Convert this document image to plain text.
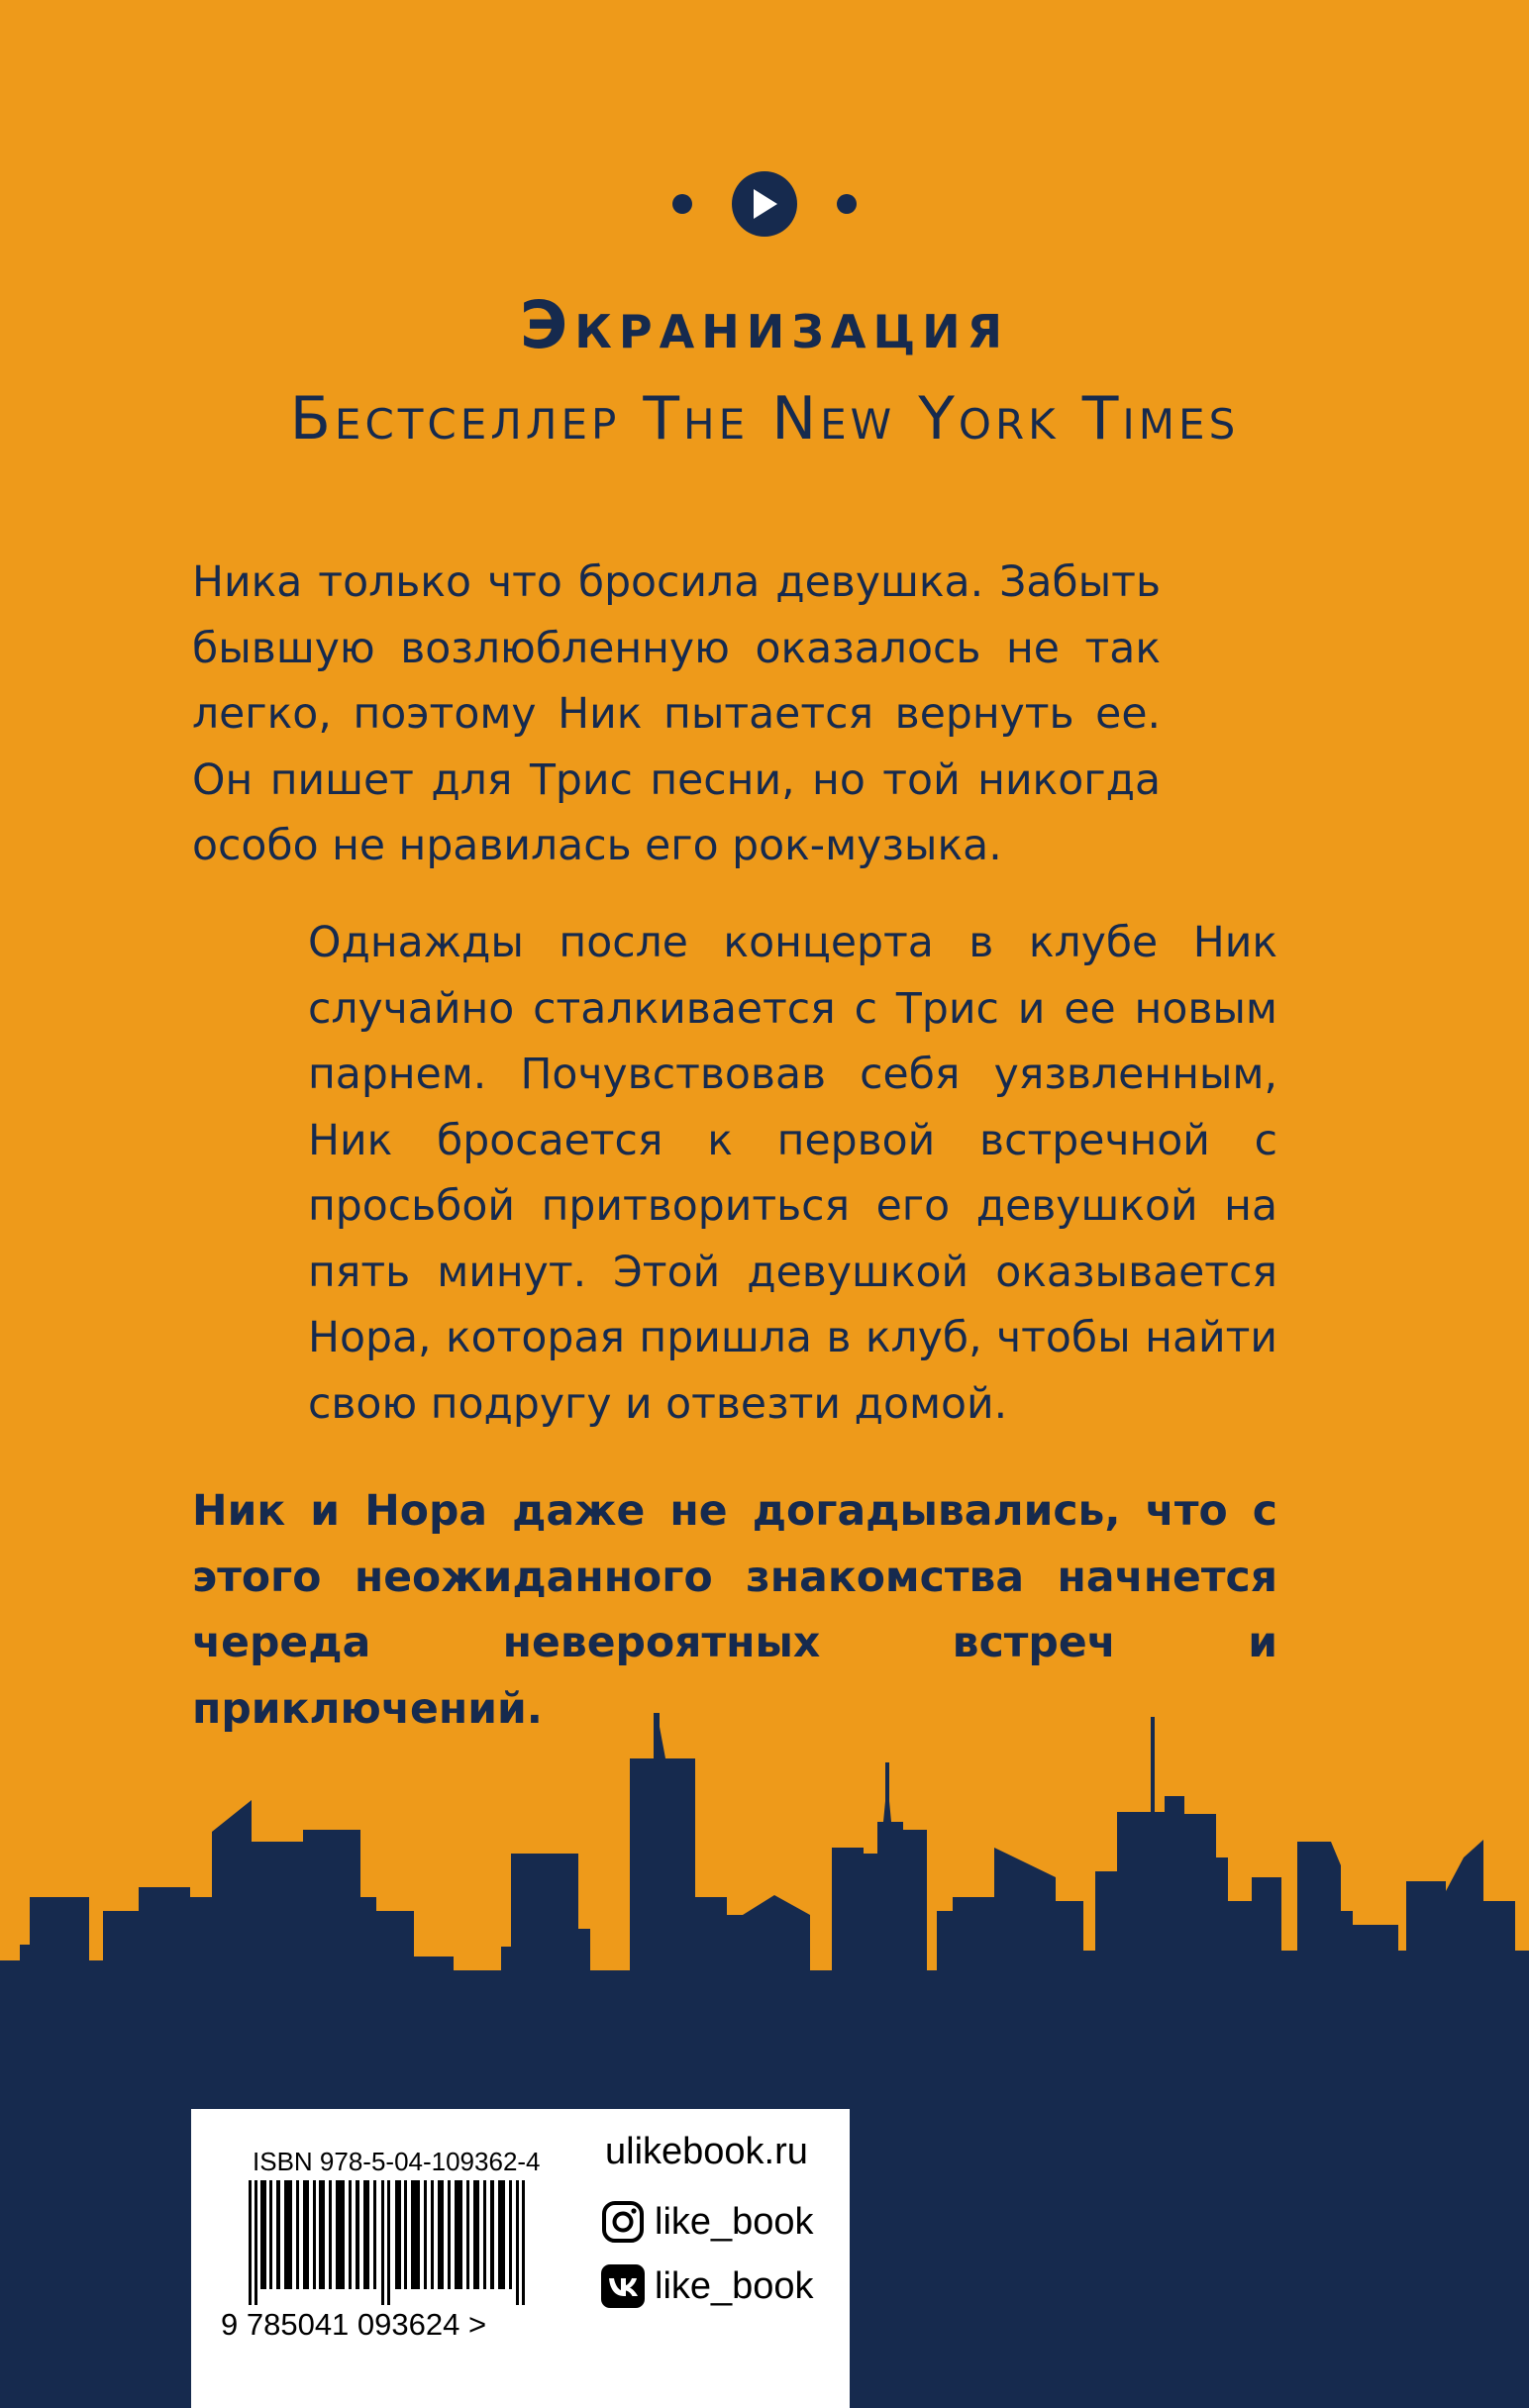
Экранизация
Бестселлер The New York Times

Ника только что бросила девушка. Забыть бывшую возлюбленную оказалось не так легко, поэтому Ник пытается вернуть ее. Он пишет для Трис песни, но той никогда особо не нравилась его рок-музыка.

Однажды после концерта в клубе Ник случайно сталкивается с Трис и ее новым парнем. Почувствовав себя уязвленным, Ник бросается к первой встречной с просьбой притвориться его девушкой на пять минут. Этой девушкой оказывается Нора, которая пришла в клуб, чтобы найти свою подругу и отвезти домой.

Ник и Нора даже не догадывались, что с этого неожиданного знакомства начнется череда невероятных встреч и приключений.

ISBN 978-5-04-109362-4
9 785041 093624 >
ulikebook.ru
like_book
like_book
